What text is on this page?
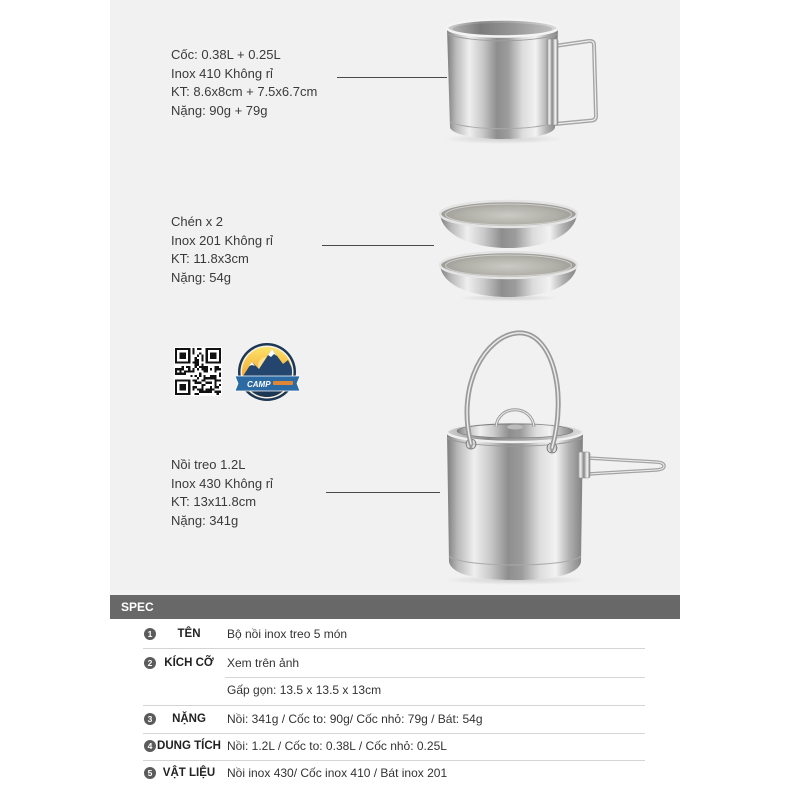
CAMP
Cốc: 0.38L + 0.25L
Inox 410 Không rỉ
KT: 8.6x8cm + 7.5x6.7cm
Nặng: 90g + 79g
Chén x 2
Inox 201 Không rỉ
KT: 11.8x3cm
Nặng: 54g
Nồi treo 1.2L
Inox 430 Không rỉ
KT: 13x11.8cm
Nặng: 341g
SPEC
1	TÊN	Bộ nồi inox treo 5 món
2	KÍCH CỠ	Xem trên ảnh
Gấp gọn: 13.5 x 13.5 x 13cm
3	NẶNG	Nồi: 341g / Cốc to: 90g/ Cốc nhỏ: 79g / Bát: 54g
4 DUNG TÍCH Nồi: 1.2L / Cốc to: 0.38L / Cốc nhỏ: 0.25L
5 VẬT LIỆU Nồi inox 430/ Cốc inox 410 / Bát inox 201
